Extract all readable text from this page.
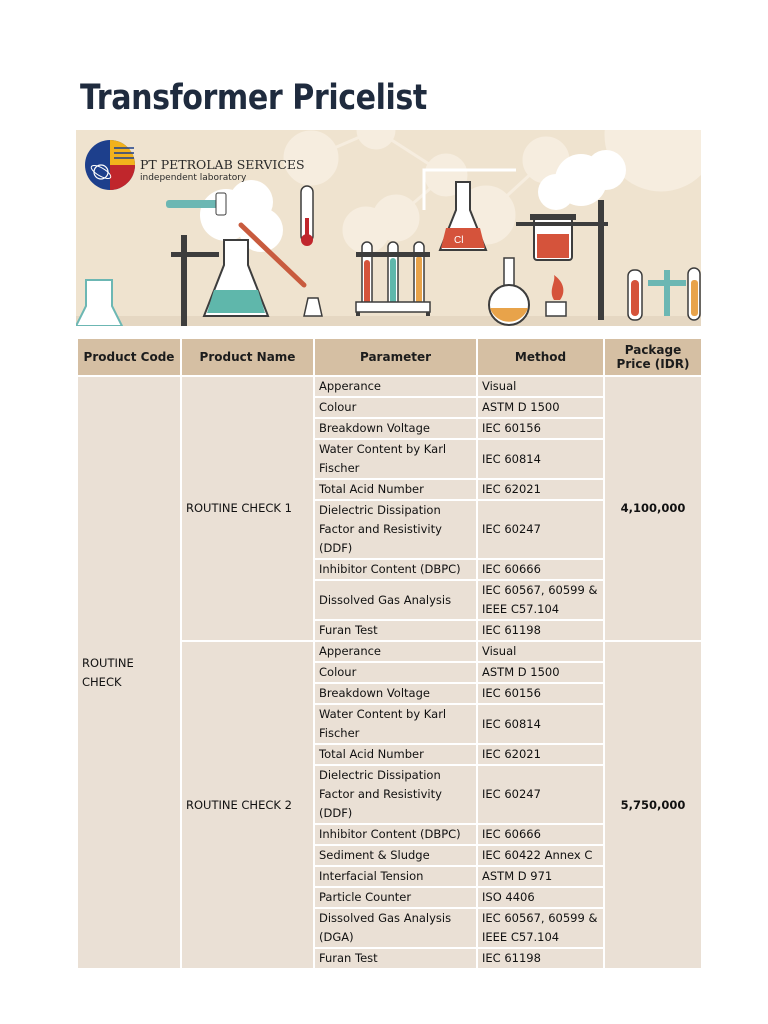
Transformer Pricelist
Cl
PT PETROLAB SERVICES
independent laboratory
Product Code	Product Name	Parameter	Method	Package Price (IDR)
ROUTINE CHECK	ROUTINE CHECK 1	Apperance	Visual	4,100,000
		Colour	ASTM D 1500	
		Breakdown Voltage	IEC 60156	
		Water Content by Karl Fischer	IEC 60814	
		Total Acid Number	IEC 62021	
		Dielectric Dissipation Factor and Resistivity (DDF)	IEC 60247	
		Inhibitor Content (DBPC)	IEC 60666	
		Dissolved Gas Analysis	IEC 60567, 60599 & IEEE C57.104	
		Furan Test	IEC 61198	
	ROUTINE CHECK 2	Apperance	Visual	5,750,000
		Colour	ASTM D 1500	
		Breakdown Voltage	IEC 60156	
		Water Content by Karl Fischer	IEC 60814	
		Total Acid Number	IEC 62021	
		Dielectric Dissipation Factor and Resistivity (DDF)	IEC 60247	
		Inhibitor Content (DBPC)	IEC 60666	
		Sediment & Sludge	IEC 60422 Annex C	
		Interfacial Tension	ASTM D 971	
		Particle Counter	ISO 4406	
		Dissolved Gas Analysis (DGA)	IEC 60567, 60599 & IEEE C57.104	
		Furan Test	IEC 61198	
